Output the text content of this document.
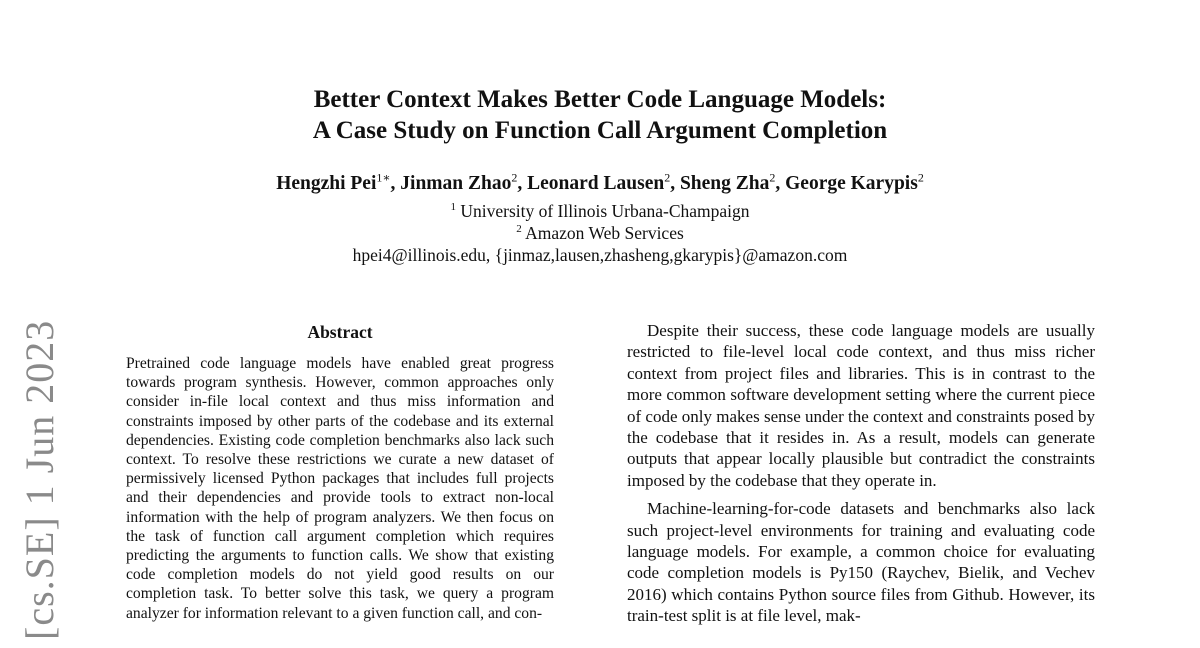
[cs.SE] 1 Jun 2023
Better Context Makes Better Code Language Models:
A Case Study on Function Call Argument Completion
Hengzhi Pei$^{1∗}$, Jinman Zhao$^2$, Leonard Lausen$^2$, Sheng Zha$^2$, George Karypis$^2$
$^1$ University of Illinois Urbana-Champaign
$^2$ Amazon Web Services
hpei4@illinois.edu, {jinmaz,lausen,zhasheng,gkarypis}@amazon.com
Abstract

Pretrained code language models have enabled great progress towards program synthesis. However, common approaches only consider in-file local context and thus miss information and constraints imposed by other parts of the codebase and its external dependencies. Existing code completion benchmarks also lack such context. To resolve these restrictions we curate a new dataset of permissively licensed Python packages that includes full projects and their dependencies and provide tools to extract non-local information with the help of program analyzers. We then focus on the task of function call argument completion which requires predicting the arguments to function calls. We show that existing code completion models do not yield good results on our completion task. To better solve this task, we query a program analyzer for information relevant to a given function call, and con-

Despite their success, these code language models are usually restricted to file-level local code context, and thus miss richer context from project files and libraries. This is in contrast to the more common software development setting where the current piece of code only makes sense under the context and constraints posed by the codebase that it resides in. As a result, models can generate outputs that appear locally plausible but contradict the constraints imposed by the codebase that they operate in.

Machine-learning-for-code datasets and benchmarks also lack such project-level environments for training and evaluating code language models. For example, a common choice for evaluating code completion models is Py150 (Raychev, Bielik, and Vechev 2016) which contains Python source files from Github. However, its train-test split is at file level, mak-
